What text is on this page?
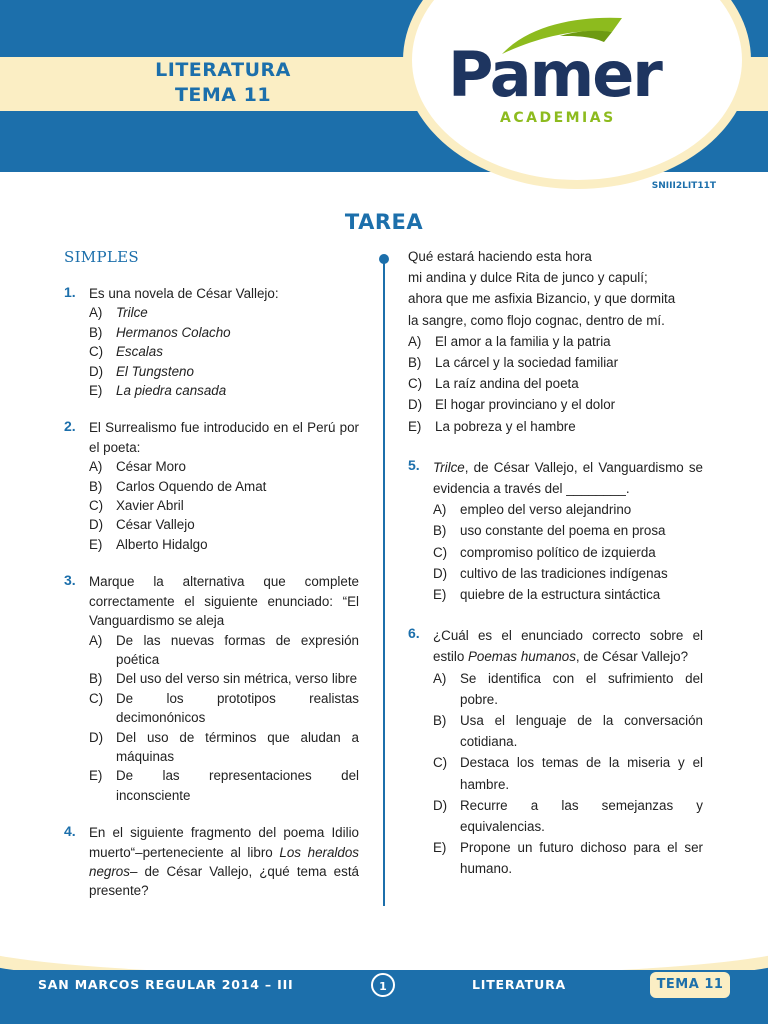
LITERATURA
TEMA 11	Pamer
ACADEMIAS
SNIII2LIT11T
TAREA
SIMPLES
1. Es una novela de César Vallejo:
A) Trilce
B) Hermanos Colacho
C) Escalas
D) El Tungsteno
E) La piedra cansada
2. El Surrealismo fue introducido en el Perú por el poeta:
A) César Moro
B) Carlos Oquendo de Amat
C) Xavier Abril
D) César Vallejo
E) Alberto Hidalgo
3. Marque la alternativa que complete correctamente el siguiente enunciado: “El Vanguardismo se aleja
A) De las nuevas formas de expresión poética
B) Del uso del verso sin métrica, verso libre
C) De los prototipos realistas decimonónicos
D) Del uso de términos que aludan a máquinas
E) De las representaciones del inconsciente
4. En el siguiente fragmento del poema Idilio muerto“–perteneciente al libro Los heraldos negros– de César Vallejo, ¿qué tema está presente?
Qué estará haciendo esta hora
mi andina y dulce Rita de junco y capulí;
ahora que me asfixia Bizancio, y que dormita
la sangre, como flojo cognac, dentro de mí.
A) El amor a la familia y la patria
B) La cárcel y la sociedad familiar
C) La raíz andina del poeta
D) El hogar provinciano y el dolor
E) La pobreza y el hambre
5. Trilce, de César Vallejo, el Vanguardismo se evidencia a través del ________.
A) empleo del verso alejandrino
B) uso constante del poema en prosa
C) compromiso político de izquierda
D) cultivo de las tradiciones indígenas
E) quiebre de la estructura sintáctica
6. ¿Cuál es el enunciado correcto sobre el estilo Poemas humanos, de César Vallejo?
A) Se identifica con el sufrimiento del pobre.
B) Usa el lenguaje de la conversación cotidiana.
C) Destaca los temas de la miseria y el hambre.
D) Recurre a las semejanzas y equivalencias.
E) Propone un futuro dichoso para el ser humano.
SAN MARCOS REGULAR 2014 – III	1	LITERATURA	TEMA 11
